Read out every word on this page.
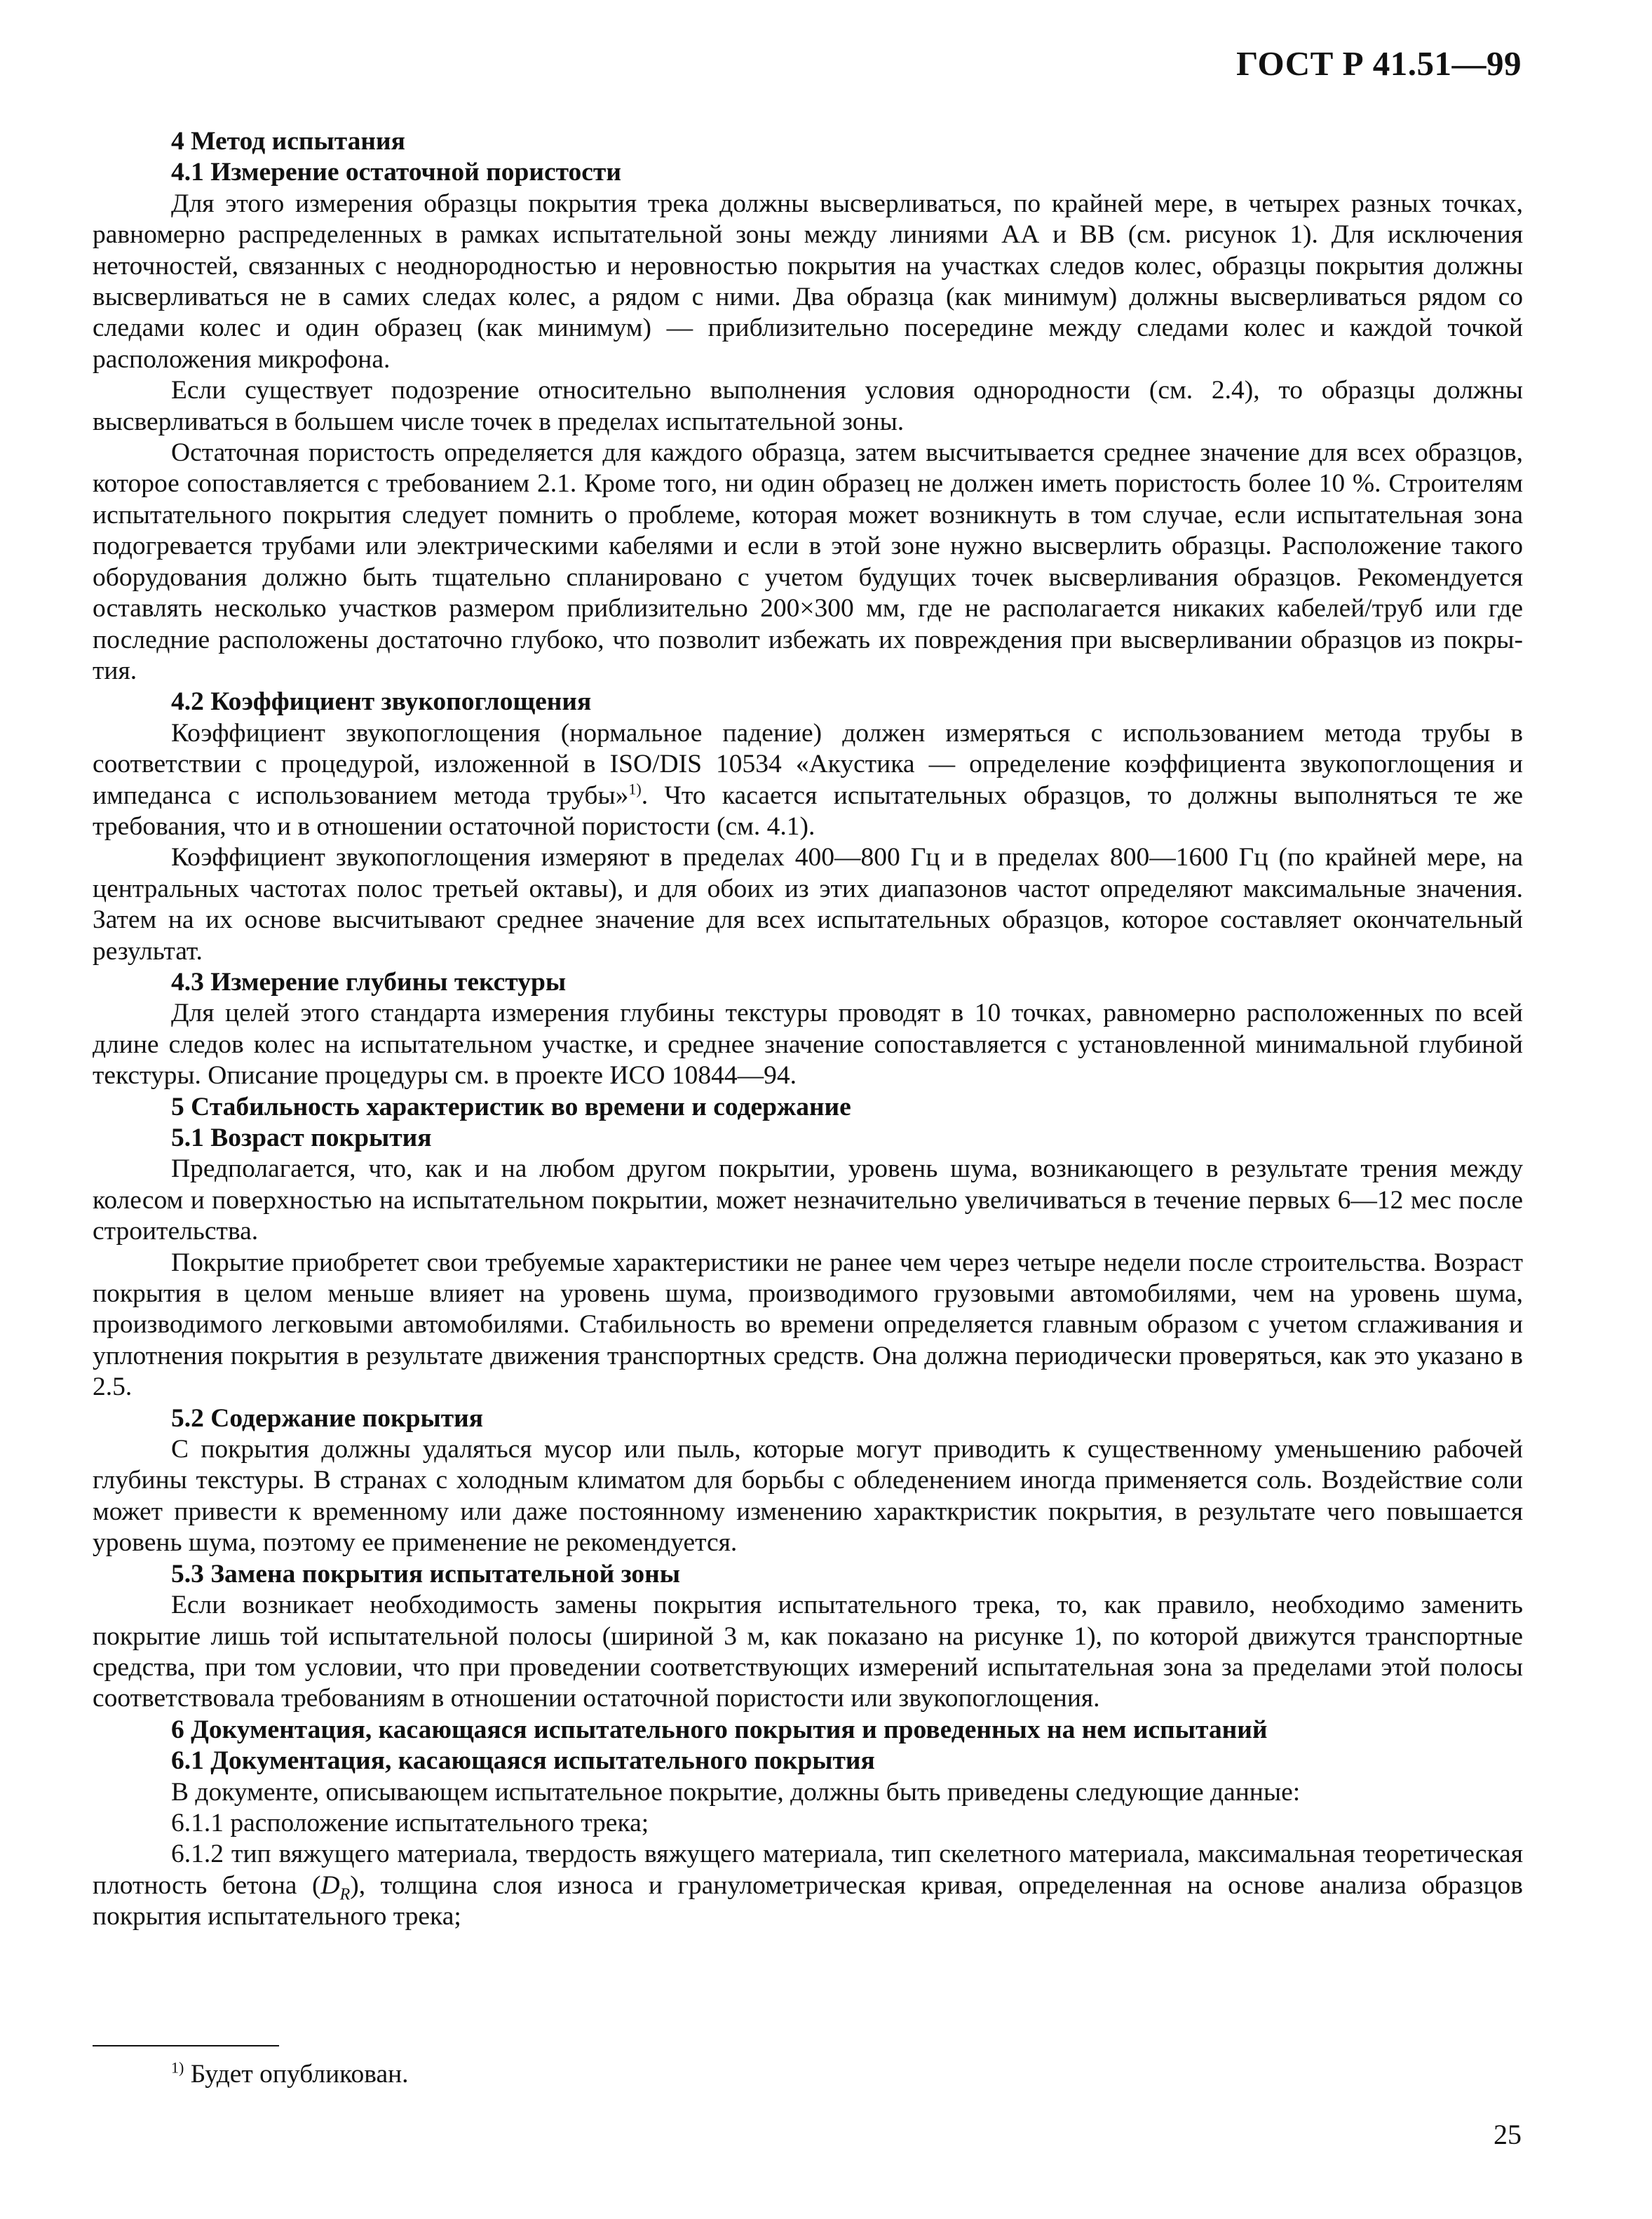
ГОСТ Р 41.51—99
4 Метод испытания
4.1 Измерение остаточной пористости

Для этого измерения образцы покрытия трека должны высверливаться, по крайней мере, в четырех разных точках, равномерно распределенных в рамках испытательной зоны между линиями АА и ВВ (см. рисунок 1). Для исключения неточностей, связанных с неоднородностью и неровностью покрытия на участках следов колес, образцы покрытия должны высверливаться не в самих следах колес, а рядом с ними. Два образца (как минимум) должны высверливаться рядом со следами колес и один образец (как минимум) — приблизительно посередине между следами колес и каждой точкой расположения микрофона.

Если существует подозрение относительно выполнения условия однородности (см. 2.4), то образцы должны высверливаться в большем числе точек в пределах испытательной зоны.

Остаточная пористость определяется для каждого образца, затем высчитывается среднее значение для всех образцов, которое сопоставляется с требованием 2.1. Кроме того, ни один образец не должен иметь пористость более 10 %. Строителям испытательного покрытия следует помнить о проблеме, которая может возникнуть в том случае, если испытательная зона подогревается трубами или электрическими кабелями и если в этой зоне нужно высверлить образцы. Расположение такого оборудования должно быть тщательно спланировано с учетом будущих точек высверливания образцов. Рекомендуется оставлять несколько участков размером приблизительно 200×300 мм, где не располагается никаких кабелей/труб или где последние расположены достаточно глубоко, что позволит избежать их повреждения при высверливании образцов из покрытия.

4.2 Коэффициент звукопоглощения

Коэффициент звукопоглощения (нормальное падение) должен измеряться с использованием метода трубы в соответствии с процедурой, изложенной в ISO/DIS 10534 «Акустика — определение коэффициента звукопоглощения и импеданса с использованием метода трубы»$^{1)}$. Что касается испытательных образцов, то должны выполняться те же требования, что и в отношении остаточной пористости (см. 4.1).

Коэффициент звукопоглощения измеряют в пределах 400—800 Гц и в пределах 800—1600 Гц (по крайней мере, на центральных частотах полос третьей октавы), и для обоих из этих диапазонов частот определяют максимальные значения. Затем на их основе высчитывают среднее значение для всех испытательных образцов, которое составляет окончательный результат.

4.3 Измерение глубины текстуры

Для целей этого стандарта измерения глубины текстуры проводят в 10 точках, равномерно расположенных по всей длине следов колес на испытательном участке, и среднее значение сопоставляется с установленной минимальной глубиной текстуры. Описание процедуры см. в проекте ИСО 10844—94.

5 Стабильность характеристик во времени и содержание
5.1 Возраст покрытия

Предполагается, что, как и на любом другом покрытии, уровень шума, возникающего в результате трения между колесом и поверхностью на испытательном покрытии, может незначительно увеличиваться в течение первых 6—12 мес после строительства.

Покрытие приобретет свои требуемые характеристики не ранее чем через четыре недели после строительства. Возраст покрытия в целом меньше влияет на уровень шума, производимого грузовыми автомобилями, чем на уровень шума, производимого легковыми автомобилями. Стабильность во времени определяется главным образом с учетом сглаживания и уплотнения покрытия в результате движения транспортных средств. Она должна периодически проверяться, как это указано в 2.5.

5.2 Содержание покрытия

С покрытия должны удаляться мусор или пыль, которые могут приводить к существенному уменьшению рабочей глубины текстуры. В странах с холодным климатом для борьбы с обледенением иногда применяется соль. Воздействие соли может привести к временному или даже постоянному изменению характкристик покрытия, в результате чего повышается уровень шума, поэтому ее применение не рекомендуется.

5.3 Замена покрытия испытательной зоны

Если возникает необходимость замены покрытия испытательного трека, то, как правило, необходимо заменить покрытие лишь той испытательной полосы (шириной 3 м, как показано на рисунке 1), по которой движутся транспортные средства, при том условии, что при проведении соответствующих измерений испытательная зона за пределами этой полосы соответствовала требованиям в отношении остаточной пористости или звукопоглощения.

6 Документация, касающаяся испытательного покрытия и проведенных на нем испытаний
6.1 Документация, касающаяся испытательного покрытия

В документе, описывающем испытательное покрытие, должны быть приведены следующие данные:

6.1.1 расположение испытательного трека;

6.1.2 тип вяжущего материала, твердость вяжущего материала, тип скелетного материала, максимальная теоретическая плотность бетона $(D_R)$, толщина слоя износа и гранулометрическая кривая, определенная на основе анализа образцов покрытия испытательного трека;

$^{1)}$ Будет опубликован.
25
